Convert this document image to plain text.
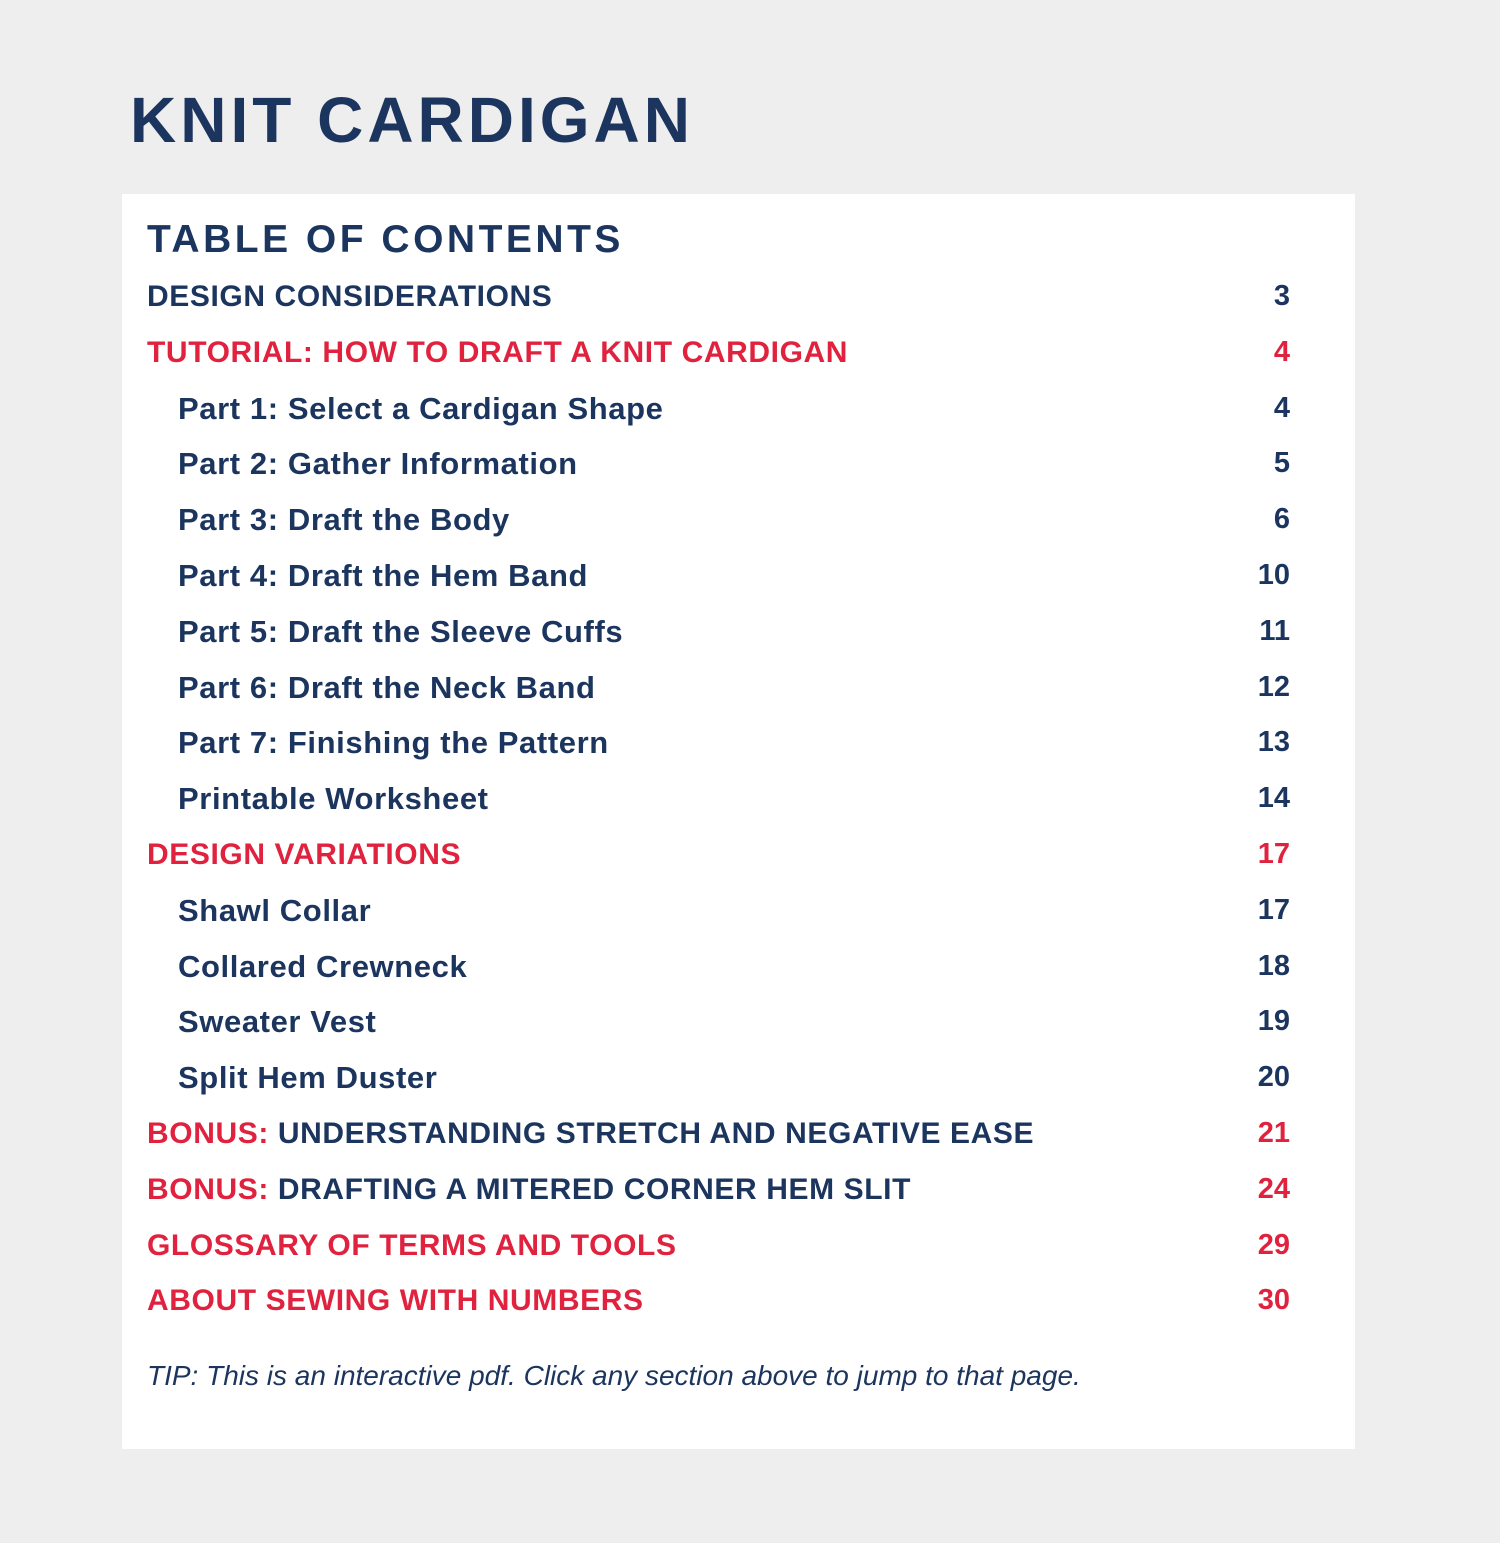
KNIT CARDIGAN
TABLE OF CONTENTS
DESIGN CONSIDERATIONS	3
TUTORIAL: HOW TO DRAFT A KNIT CARDIGAN	4
Part 1: Select a Cardigan Shape	4
Part 2: Gather Information	5
Part 3: Draft the Body	6
Part 4: Draft the Hem Band	10
Part 5: Draft the Sleeve Cuffs	11
Part 6: Draft the Neck Band	12
Part 7: Finishing the Pattern	13
Printable Worksheet	14
DESIGN VARIATIONS	17
Shawl Collar	17
Collared Crewneck	18
Sweater Vest	19
Split Hem Duster	20
BONUS: UNDERSTANDING STRETCH AND NEGATIVE EASE	21
BONUS: DRAFTING A MITERED CORNER HEM SLIT	24
GLOSSARY OF TERMS AND TOOLS	29
ABOUT SEWING WITH NUMBERS	30

TIP: This is an interactive pdf. Click any section above to jump to that page.
